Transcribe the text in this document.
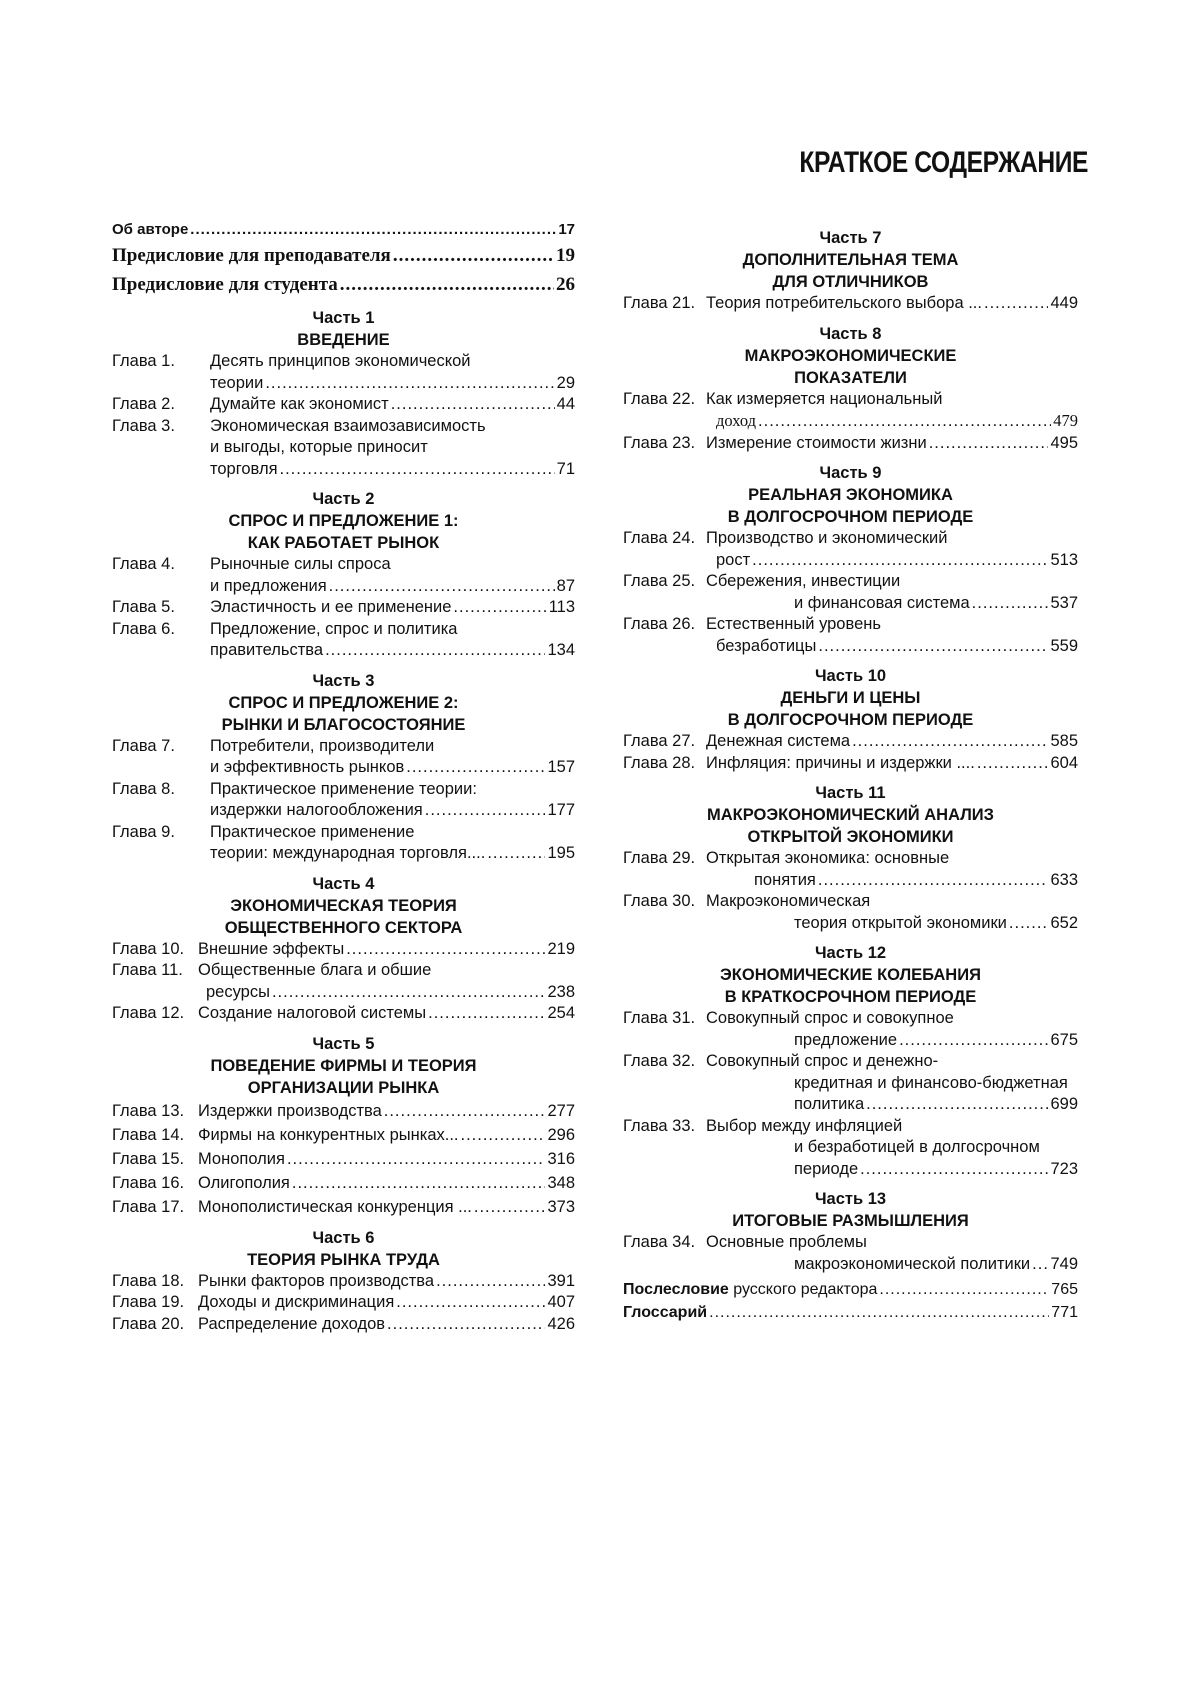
КРАТКОЕ СОДЕРЖАНИЕ
Об авторе .....	17
Предисловие для преподавателя .....	19
Предисловие для студента .....	26
Часть 1
ВВЕДЕНИЕ
Глава 1.	Десять принципов экономической
теории .....	29
Глава 2.	Думайте как экономист .....	44
Глава 3.	Экономическая взаимозависимость
и выгоды, которые приносит
торговля .....	71
Часть 2
СПРОС И ПРЕДЛОЖЕНИЕ 1:
КАК РАБОТАЕТ РЫНОК
Глава 4.	Рыночные силы спроса
и предложения .....	87
Глава 5.	Эластичность и ее применение .....	113
Глава 6.	Предложение, спрос и политика
правительства .....	134
Часть 3
СПРОС И ПРЕДЛОЖЕНИЕ 2:
РЫНКИ И БЛАГОСОСТОЯНИЕ
Глава 7.	Потребители, производители
и эффективность рынков .....	157
Глава 8.	Практическое применение теории:
издержки налогообложения .....	177
Глава 9.	Практическое применение
теории: международная торговля.... .....	195
Часть 4
ЭКОНОМИЧЕСКАЯ ТЕОРИЯ
ОБЩЕСТВЕННОГО СЕКТОРА
Глава 10. Внешние эффекты .....	219
Глава 11. Общественные блага и обшие
ресурсы .....	238
Глава 12. Создание налоговой системы .....	254
Часть 5
ПОВЕДЕНИЕ ФИРМЫ И ТЕОРИЯ
ОРГАНИЗАЦИИ РЫНКА
Глава 13. Издержки производства .....	277
Глава 14. Фирмы на конкурентных рынках... .....	296
Глава 15. Монополия .....	316
Глава 16. Олигополия .....	348
Глава 17. Монополистическая конкуренция ... .....	373
Часть 6
ТЕОРИЯ РЫНКА ТРУДА
Глава 18. Рынки факторов производства .....	391
Глава 19. Доходы и дискриминация .....	407
Глава 20. Распределение доходов .....	426
Часть 7
ДОПОЛНИТЕЛЬНАЯ ТЕМА
ДЛЯ ОТЛИЧНИКОВ
Глава 21. Теория потребительского выбора ... .....	449
Часть 8
МАКРОЭКОНОМИЧЕСКИЕ
ПОКАЗАТЕЛИ
Глава 22. Как измеряется национальный
доход .....	479
Глава 23. Измерение стоимости жизни .....	495
Часть 9
РЕАЛЬНАЯ ЭКОНОМИКА
В ДОЛГОСРОЧНОМ ПЕРИОДЕ
Глава 24. Производство и экономический
рост .....	513
Глава 25. Сбережения, инвестиции
и финансовая система .....	537
Глава 26. Естественный уровень
безработицы .....	559
Часть 10
ДЕНЬГИ И ЦЕНЫ
В ДОЛГОСРОЧНОМ ПЕРИОДЕ
Глава 27. Денежная система .....	585
Глава 28. Инфляция: причины и издержки .... .....	604
Часть 11
МАКРОЭКОНОМИЧЕСКИЙ АНАЛИЗ
ОТКРЫТОЙ ЭКОНОМИКИ
Глава 29. Открытая экономика: основные
понятия .....	633
Глава 30. Макроэкономическая
теория открытой экономики .....	652
Часть 12
ЭКОНОМИЧЕСКИЕ КОЛЕБАНИЯ
В КРАТКОСРОЧНОМ ПЕРИОДЕ
Глава 31. Совокупный спрос и совокупное
предложение .....	675
Глава 32. Совокупный спрос и денежно-
кредитная и финансово-бюджетная
политика .....	699
Глава 33. Выбор между инфляцией
и безработицей в долгосрочном
периоде .....	723
Часть 13
ИТОГОВЫЕ РАЗМЫШЛЕНИЯ
Глава 34. Основные проблемы
макроэкономической политики ..... 749
Послесловие русского редактора .....	765
Глоссарий .....	771
